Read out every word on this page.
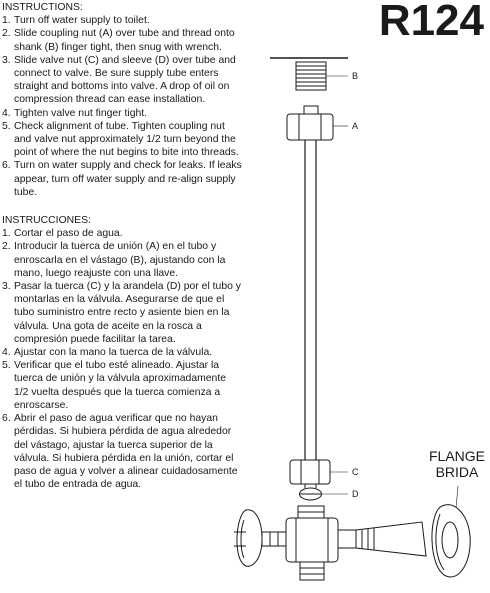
R124

INSTRUCTIONS:

1. Turn off water supply to toilet.
2. Slide coupling nut (A) over tube and thread onto shank (B) finger tight, then snug with wrench.
3. Slide valve nut (C) and sleeve (D) over tube and connect to valve. Be sure supply tube enters straight and bottoms into valve. A drop of oil on compression thread can ease installation.
4. Tighten valve nut finger tight.
5. Check alignment of tube. Tighten coupling nut and valve nut approximately 1/2 turn beyond the point of where the nut begins to bite into threads.
6. Turn on water supply and check for leaks. If leaks appear, turn off water supply and re-align supply tube.

INSTRUCCIONES:

1. Cortar el paso de agua.
2. Introducir la tuerca de unión (A) en el tubo y enroscarla en el vástago (B), ajustando con la mano, luego reajuste con una llave.
3. Pasar la tuerca (C) y la arandela (D) por el tubo y montarlas en la válvula. Asegurarse de que el tubo suministro entre recto y asiente bien en la válvula. Una gota de aceite en la rosca a compresión puede facilitar la tarea.
4. Ajustar con la mano la tuerca de la válvula.
5. Verificar que el tubo esté alineado. Ajustar la tuerca de unión y la válvula aproximadamente 1/2 vuelta después que la tuerca comienza a enroscarse.
6. Abrir el paso de agua verificar que no hayan pérdidas. Si hubiera pérdida de agua alrededor del vástago, ajustar la tuerca superior de la válvula. Si hubiera pérdida en la unión, cortar el paso de agua y volver a alinear cuidadosamente el tubo de entrada de agua.
B
A
C
D
FLANGE
BRIDA
